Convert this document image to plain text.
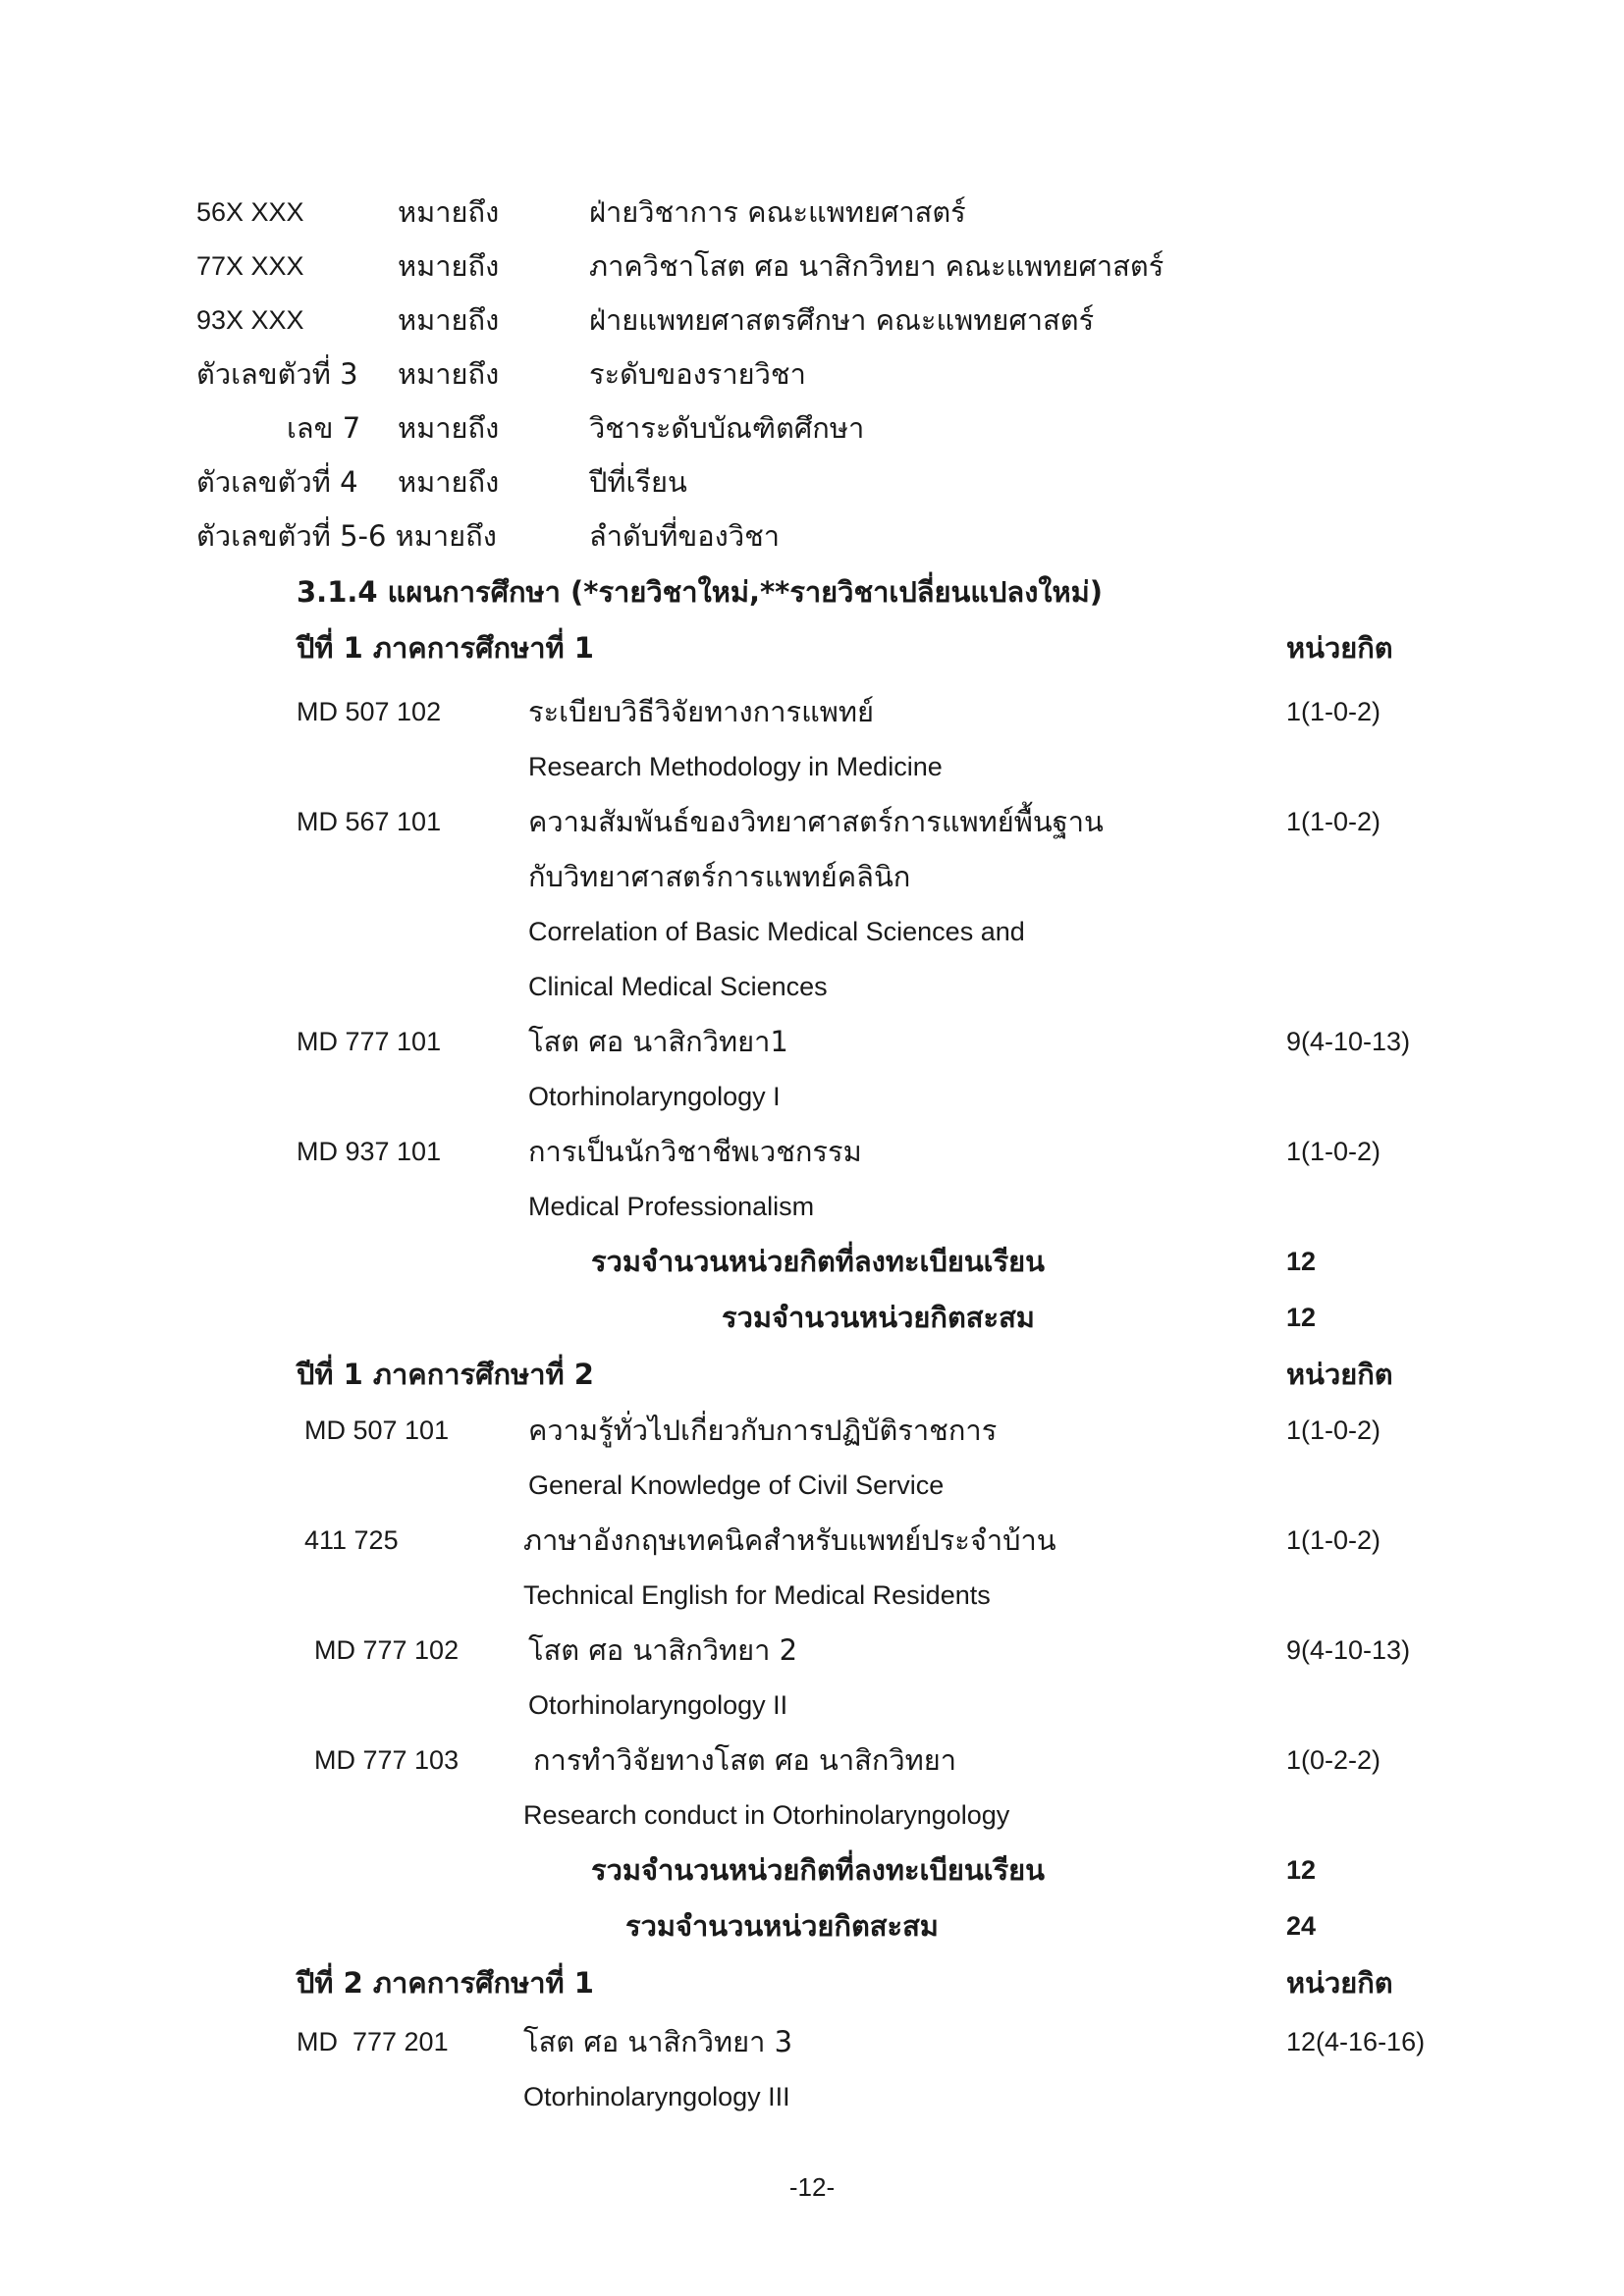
56X XXX	หมายถึง	ฝ่ายวิชาการ คณะแพทยศาสตร์
77X XXX	หมายถึง	ภาควิชาโสต ศอ นาสิกวิทยา คณะแพทยศาสตร์
93X XXX	หมายถึง	ฝ่ายแพทยศาสตรศึกษา คณะแพทยศาสตร์
ตัวเลขตัวที่ 3 หมายถึง	ระดับของรายวิชา
เลข 7 หมายถึง	วิชาระดับบัณฑิตศึกษา
ตัวเลขตัวที่ 4 หมายถึง	ปีที่เรียน
ตัวเลขตัวที่ 5-6 หมายถึง	ลำดับที่ของวิชา
3.1.4 แผนการศึกษา (*รายวิชาใหม่,**รายวิชาเปลี่ยนแปลงใหม่)
ปีที่ 1 ภาคการศึกษาที่ 1	หน่วยกิต
MD 507 102	ระเบียบวิธีวิจัยทางการแพทย์	1(1-0-2)
Research Methodology in Medicine
MD 567 101	ความสัมพันธ์ของวิทยาศาสตร์การแพทย์พื้นฐาน	1(1-0-2)
กับวิทยาศาสตร์การแพทย์คลินิก
Correlation of Basic Medical Sciences and
Clinical Medical Sciences
MD 777 101	โสต ศอ นาสิกวิทยา1	9(4-10-13)
Otorhinolaryngology I
MD 937 101	การเป็นนักวิชาชีพเวชกรรม	1(1-0-2)
Medical Professionalism
รวมจำนวนหน่วยกิตที่ลงทะเบียนเรียน	12
รวมจำนวนหน่วยกิตสะสม	12
ปีที่ 1 ภาคการศึกษาที่ 2	หน่วยกิต
MD 507 101	ความรู้ทั่วไปเกี่ยวกับการปฏิบัติราชการ	1(1-0-2)
General Knowledge of Civil Service
411 725	ภาษาอังกฤษเทคนิคสำหรับแพทย์ประจำบ้าน	1(1-0-2)
Technical English for Medical Residents
MD 777 102 โสต ศอ นาสิกวิทยา 2	9(4-10-13)
Otorhinolaryngology II
MD 777 103	การทำวิจัยทางโสต ศอ นาสิกวิทยา	1(0-2-2)
Research conduct in Otorhinolaryngology
รวมจำนวนหน่วยกิตที่ลงทะเบียนเรียน	12
รวมจำนวนหน่วยกิตสะสม	24
ปีที่ 2 ภาคการศึกษาที่ 1	หน่วยกิต
MD  777 201	โสต ศอ นาสิกวิทยา 3	12(4-16-16)
Otorhinolaryngology III
-12-
